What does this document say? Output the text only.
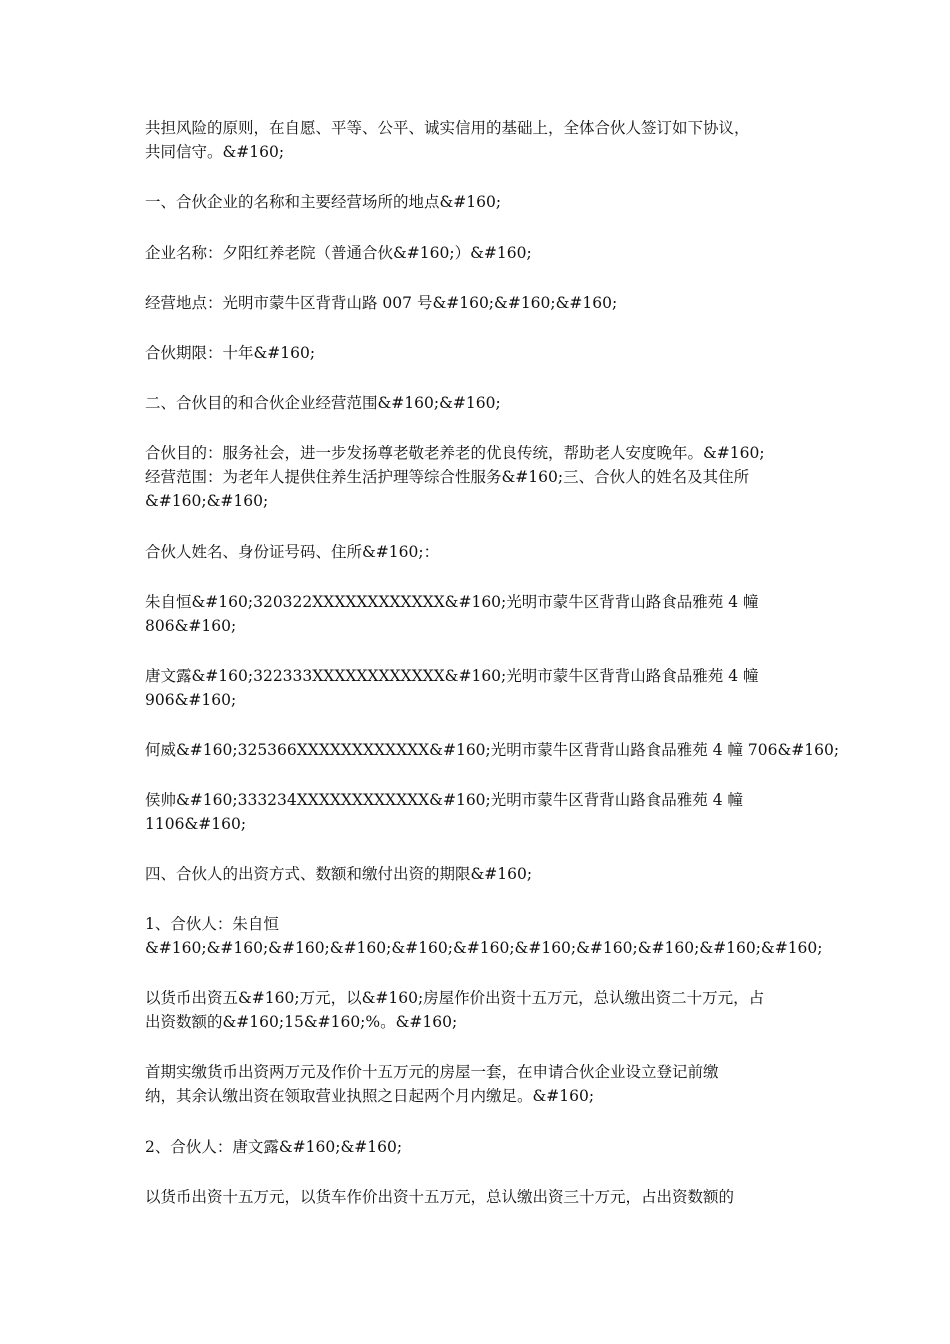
共担风险的原则，在自愿、平等、公平、诚实信用的基础上，全体合伙人签订如下协议，
共同信守。&#160;
一、合伙企业的名称和主要经营场所的地点&#160;
企业名称：夕阳红养老院（普通合伙&#160;）&#160;
经营地点：光明市蒙牛区背背山路 007 号&#160;&#160;&#160;
合伙期限：十年&#160;
二、合伙目的和合伙企业经营范围&#160;&#160;
合伙目的：服务社会，进一步发扬尊老敬老养老的优良传统，帮助老人安度晚年。&#160;
经营范围：为老年人提供住养生活护理等综合性服务&#160;三、合伙人的姓名及其住所
&#160;&#160;
合伙人姓名、身份证号码、住所&#160;：
朱自恒&#160;320322XXXXXXXXXXXX&#160;光明市蒙牛区背背山路食品雅苑 4 幢
806&#160;
唐文露&#160;322333XXXXXXXXXXXX&#160;光明市蒙牛区背背山路食品雅苑 4 幢
906&#160;
何威&#160;325366XXXXXXXXXXXX&#160;光明市蒙牛区背背山路食品雅苑 4 幢 706&#160;
侯帅&#160;333234XXXXXXXXXXXX&#160;光明市蒙牛区背背山路食品雅苑 4 幢
1106&#160;
四、合伙人的出资方式、数额和缴付出资的期限&#160;
1、合伙人：朱自恒
&#160;&#160;&#160;&#160;&#160;&#160;&#160;&#160;&#160;&#160;&#160;
以货币出资五&#160;万元，以&#160;房屋作价出资十五万元，总认缴出资二十万元，占
出资数额的&#160;15&#160;%。&#160;
首期实缴货币出资两万元及作价十五万元的房屋一套，在申请合伙企业设立登记前缴
纳，其余认缴出资在领取营业执照之日起两个月内缴足。&#160;
2、合伙人：唐文露&#160;&#160;
以货币出资十五万元，以货车作价出资十五万元，总认缴出资三十万元，占出资数额的
